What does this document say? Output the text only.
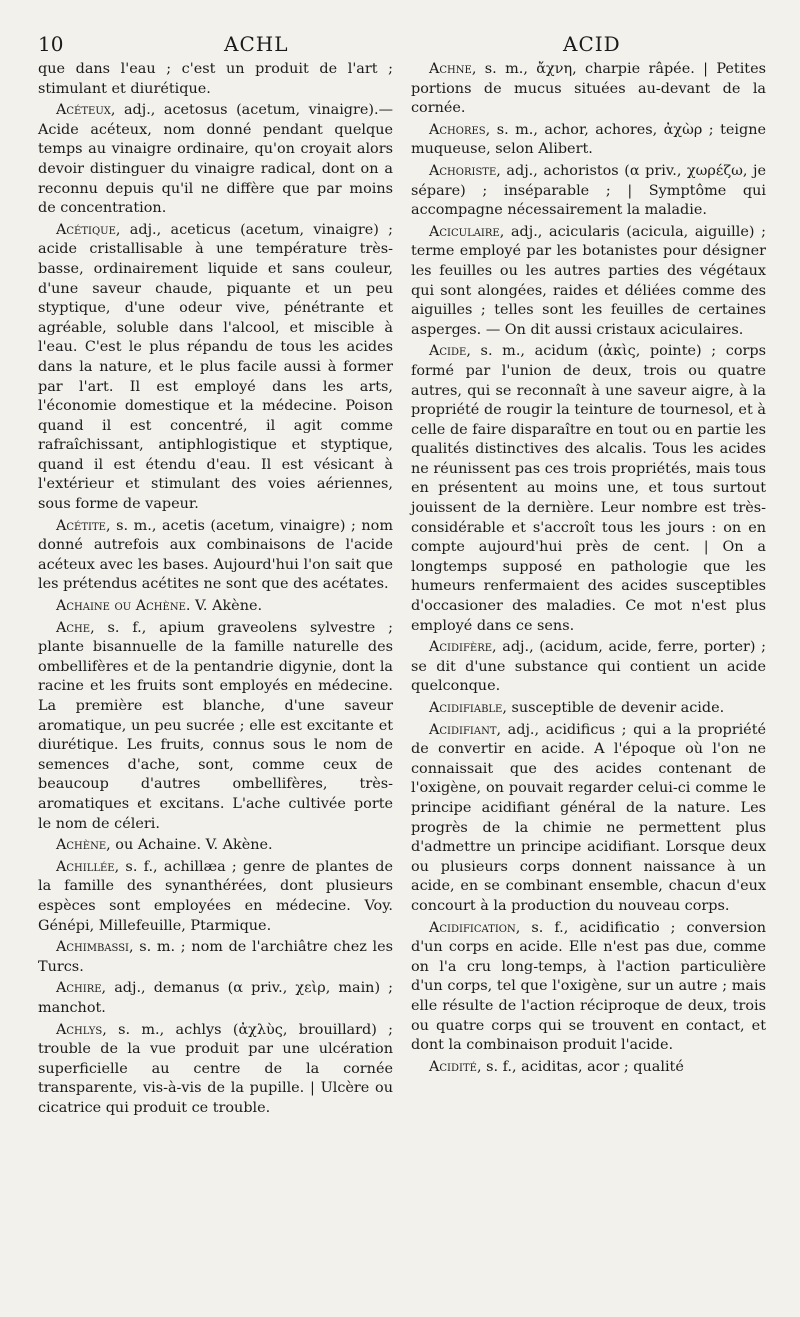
10	ACHL	ACID

que dans l'eau ; c'est un produit de l'art ; stimulant et diurétique.

Acéteux, adj., acetosus (acetum, vinaigre).—Acide acéteux, nom donné pendant quelque temps au vinaigre ordinaire, qu'on croyait alors devoir distinguer du vinaigre radical, dont on a reconnu depuis qu'il ne diffère que par moins de concentration.

Acétique, adj., aceticus (acetum, vinaigre) ; acide cristallisable à une température très-basse, ordinairement liquide et sans couleur, d'une saveur chaude, piquante et un peu styptique, d'une odeur vive, pénétrante et agréable, soluble dans l'alcool, et miscible à l'eau. C'est le plus répandu de tous les acides dans la nature, et le plus facile aussi à former par l'art. Il est employé dans les arts, l'économie domestique et la médecine. Poison quand il est concentré, il agit comme rafraîchissant, antiphlogistique et styptique, quand il est étendu d'eau. Il est vésicant à l'extérieur et stimulant des voies aériennes, sous forme de vapeur.

Acétite, s. m., acetis (acetum, vinaigre) ; nom donné autrefois aux combinaisons de l'acide acéteux avec les bases. Aujourd'hui l'on sait que les prétendus acétites ne sont que des acétates.

Achaine ou Achène. V. Akène.

Ache, s. f., apium graveolens sylvestre ; plante bisannuelle de la famille naturelle des ombellifères et de la pentandrie digynie, dont la racine et les fruits sont employés en médecine. La première est blanche, d'une saveur aromatique, un peu sucrée ; elle est excitante et diurétique. Les fruits, connus sous le nom de semences d'ache, sont, comme ceux de beaucoup d'autres ombellifères, très-aromatiques et excitans. L'ache cultivée porte le nom de céleri.

Achène, ou Achaine. V. Akène.

Achillée, s. f., achillæa ; genre de plantes de la famille des synanthérées, dont plusieurs espèces sont employées en médecine. Voy. Génépi, Millefeuille, Ptarmique.

Achimbassi, s. m. ; nom de l'archiâtre chez les Turcs.

Achire, adj., demanus (α priv., χεὶρ, main) ; manchot.

Achlys, s. m., achlys (ἀχλὺς, brouillard) ; trouble de la vue produit par une ulcération superficielle au centre de la cornée transparente, vis-à-vis de la pupille. | Ulcère ou cicatrice qui produit ce trouble.

Achne, s. m., ἄχνη, charpie râpée. | Petites portions de mucus situées au-devant de la cornée.

Achores, s. m., achor, achores, ἀχὼρ ; teigne muqueuse, selon Alibert.

Achoriste, adj., achoristos (α priv., χωρέζω, je sépare) ; inséparable ; | Symptôme qui accompagne nécessairement la maladie.

Aciculaire, adj., acicularis (acicula, aiguille) ; terme employé par les botanistes pour désigner les feuilles ou les autres parties des végétaux qui sont alongées, raides et déliées comme des aiguilles ; telles sont les feuilles de certaines asperges. — On dit aussi cristaux aciculaires.

Acide, s. m., acidum (ἀκὶς, pointe) ; corps formé par l'union de deux, trois ou quatre autres, qui se reconnaît à une saveur aigre, à la propriété de rougir la teinture de tournesol, et à celle de faire disparaître en tout ou en partie les qualités distinctives des alcalis. Tous les acides ne réunissent pas ces trois propriétés, mais tous en présentent au moins une, et tous surtout jouissent de la dernière. Leur nombre est très-considérable et s'accroît tous les jours : on en compte aujourd'hui près de cent. | On a longtemps supposé en pathologie que les humeurs renfermaient des acides susceptibles d'occasioner des maladies. Ce mot n'est plus employé dans ce sens.

Acidifère, adj., (acidum, acide, ferre, porter) ; se dit d'une substance qui contient un acide quelconque.

Acidifiable, susceptible de devenir acide.

Acidifiant, adj., acidificus ; qui a la propriété de convertir en acide. A l'époque où l'on ne connaissait que des acides contenant de l'oxigène, on pouvait regarder celui-ci comme le principe acidifiant général de la nature. Les progrès de la chimie ne permettent plus d'admettre un principe acidifiant. Lorsque deux ou plusieurs corps donnent naissance à un acide, en se combinant ensemble, chacun d'eux concourt à la production du nouveau corps.

Acidification, s. f., acidificatio ; conversion d'un corps en acide. Elle n'est pas due, comme on l'a cru long-temps, à l'action particulière d'un corps, tel que l'oxigène, sur un autre ; mais elle résulte de l'action réciproque de deux, trois ou quatre corps qui se trouvent en contact, et dont la combinaison produit l'acide.

Acidité, s. f., aciditas, acor ; qualité
